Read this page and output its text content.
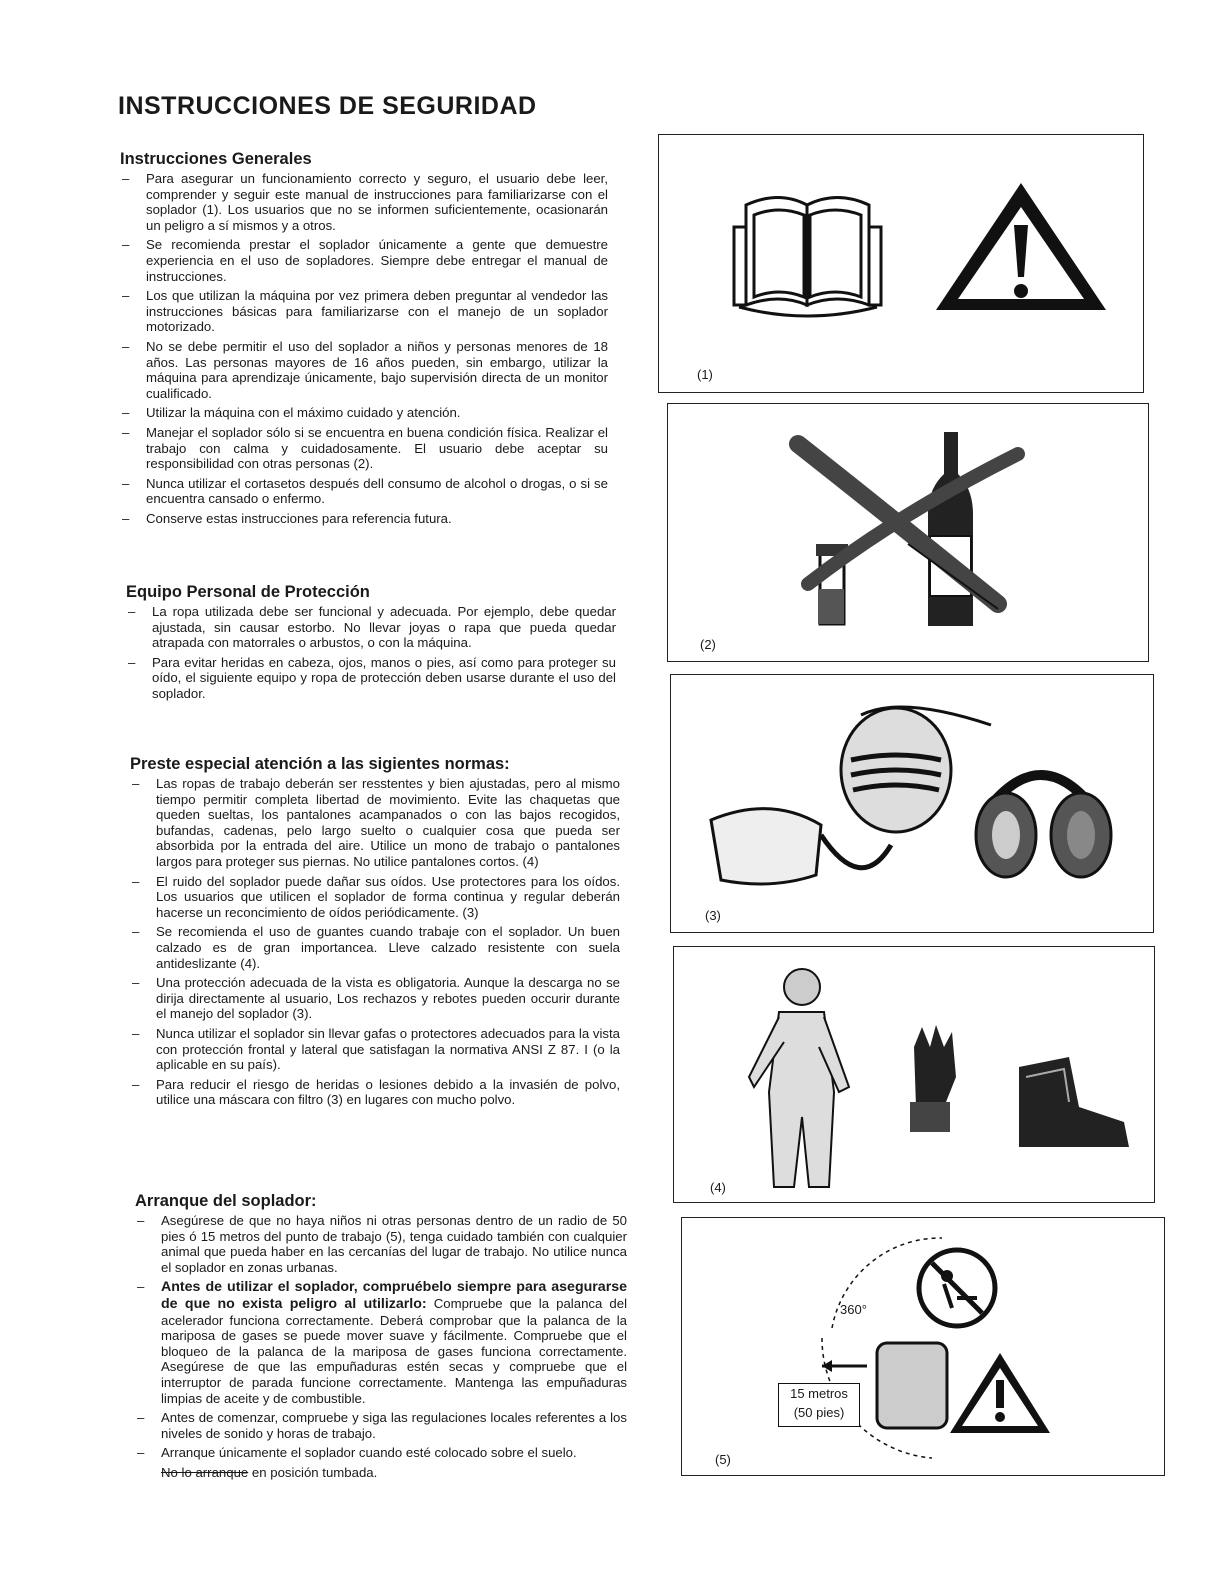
INSTRUCCIONES DE SEGURIDAD
Instrucciones Generales
– Para asegurar un funcionamiento correcto y seguro, el usuario debe leer, comprender y seguir este manual de instrucciones para familiarizarse con el soplador (1). Los usuarios que no se informen suficientemente, ocasionarán un peligro a sí mismos y a otros.
– Se recomienda prestar el soplador únicamente a gente que demuestre experiencia en el uso de sopladores. Siempre debe entregar el manual de instrucciones.
– Los que utilizan la máquina por vez primera deben preguntar al vendedor las instrucciones básicas para familiarizarse con el manejo de un soplador motorizado.
– No se debe permitir el uso del soplador a niños y personas menores de 18 años. Las personas mayores de 16 años pueden, sin embargo, utilizar la máquina para aprendizaje únicamente, bajo supervisión directa de un monitor cualificado.
– Utilizar la máquina con el máximo cuidado y atención.
– Manejar el soplador sólo si se encuentra en buena condición física. Realizar el trabajo con calma y cuidadosamente. El usuario debe aceptar su responsibilidad con otras personas (2).
– Nunca utilizar el cortasetos después dell consumo de alcohol o drogas, o si se encuentra cansado o enfermo.
– Conserve estas instrucciones para referencia futura.
Equipo Personal de Protección
– La ropa utilizada debe ser funcional y adecuada. Por ejemplo, debe quedar ajustada, sin causar estorbo. No llevar joyas o rapa que pueda quedar atrapada con matorrales o arbustos, o con la máquina.
– Para evitar heridas en cabeza, ojos, manos o pies, así como para proteger su oído, el siguiente equipo y ropa de protección deben usarse durante el uso del soplador.
Preste especial atención a las sigientes normas:
– Las ropas de trabajo deberán ser resstentes y bien ajustadas, pero al mismo tiempo permitir completa libertad de movimiento. Evite las chaquetas que queden sueltas, los pantalones acampanados o con las bajos recogidos, bufandas, cadenas, pelo largo suelto o cualquier cosa que pueda ser absorbida por la entrada del aire. Utilice un mono de trabajo o pantalones largos para proteger sus piernas. No utilice pantalones cortos. (4)
– El ruido del soplador puede dañar sus oídos. Use protectores para los oídos. Los usuarios que utilicen el soplador de forma continua y regular deberán hacerse un reconcimiento de oídos periódicamente. (3)
– Se recomienda el uso de guantes cuando trabaje con el soplador. Un buen calzado es de gran importancea. Lleve calzado resistente con suela antideslizante (4).
– Una protección adecuada de la vista es obligatoria. Aunque la descarga no se dirija directamente al usuario, Los rechazos y rebotes pueden occurir durante el manejo del soplador (3).
– Nunca utilizar el soplador sin llevar gafas o protectores adecuados para la vista con protección frontal y lateral que satisfagan la normativa ANSI Z 87. I (o la aplicable en su país).
– Para reducir el riesgo de heridas o lesiones debido a la invasién de polvo, utilice una máscara con filtro (3) en lugares con mucho polvo.
Arranque del soplador:
– Asegúrese de que no haya niños ni otras personas dentro de un radio de 50 pies ó 15 metros del punto de trabajo (5), tenga cuidado también con cualquier animal que pueda haber en las cercanías del lugar de trabajo. No utilice nunca el soplador en zonas urbanas.
– Antes de utilizar el soplador, compruébelo siempre para asegurarse de que no exista peligro al utilizarlo: Compruebe que la palanca del acelerador funciona correctamente. Deberá comprobar que la palanca de la mariposa de gases se puede mover suave y fácilmente. Compruebe que el bloqueo de la palanca de la mariposa de gases funciona correctamente. Asegúrese de que las empuñaduras estén secas y compruebe que el interruptor de parada funcione correctamente. Mantenga las empuñaduras limpias de aceite y de combustible.
– Antes de comenzar, compruebe y siga las regulaciones locales referentes a los niveles de sonido y horas de trabajo.
– Arranque únicamente el soplador cuando esté colocado sobre el suelo.
No lo arranque en posición tumbada.
(1)
(2)
(3)
(4)
360°
15 metros
(50 pies)
(5)
